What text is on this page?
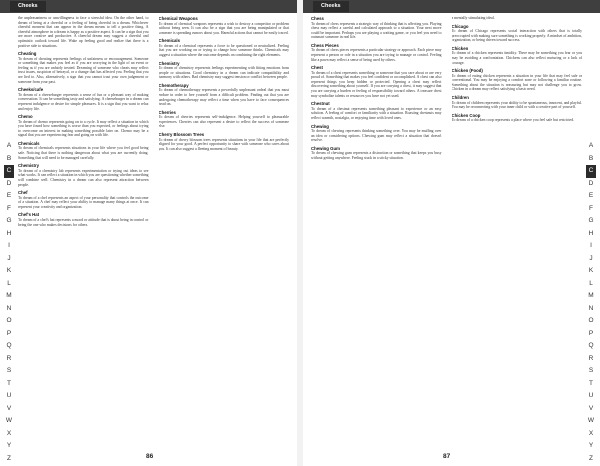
Cheeks

the unpleasantness or unwillingness to face a stressful idea. On the other hand, to dream of being at a cheerful or a feeling of being cheerful in a dream. Whichever cheerful moment that can appear in the dream means to tell a positive thing. A cheerful atmosphere in a dream is happy as a positive aspect. It can be a sign that you are more creative and productive. A cheerful dream may suggest a cheerful and optimistic outlook toward life. Wake up feeling good and realize that there is a positive side to situations.

Cheating

To dream of cheating represents feelings of unfairness or encouragement. Someone or something that makes you feel as if you are worrying in the light of an event or feeling as if you are unfairly treated. Dreaming of someone who cheats may reflect trust issues, suspicion of betrayal, or a change that has affected you. Feeling that you are lied to. Also, alternatively, a sign that you cannot trust your own judgement or someone from your past.

Cheeks/cafe

To dream of a cheeseburger represents a sense of fun or a pleasant way of making conversation. It can be something tasty and satisfying. A cheeseburger in a dream can represent indulgence or desire for simple pleasures. It is a sign that you want to relax and enjoy life.

Chemo

To dream of chemo represents going on to a cycle. It may reflect a situation in which you have found how something is worse than you expected, or feelings about trying to overcome an interest in making something possible later on. Chemo may be a signal that you are experiencing fear and going on with life.

Chemicals

To dream of chemicals represents situations in your life where you feel good being safe. Noticing that there is nothing dangerous about what you are currently doing. Something that will need to be managed carefully.

Chemistry

To dream of a chemistry lab represents experimentation or trying out ideas to see what works. It can reflect a situation in which you are questioning whether something will combine well. Chemistry in a dream can also represent attraction between people.

Chef

To dream of a chef represents an aspect of your personality that controls the outcome of a situation. A chef may reflect your ability to manage many things at once. It can represent your creativity and organization.

Chef's Hat

To dream of a chef's hat represents a mood or attitude that is about being in control or being the one who makes decisions for others.

Chemical Weapons

To dream of chemical weapons represents a wish to destroy a competitor or problem without being seen. It can also be a sign that you are being manipulated or that someone is spreading rumors about you. Harmful actions that cannot be easily traced.

Chemicals

To dream of a chemical represents a force to be questioned or neutralized. Feeling that you are working on or trying to change how someone thinks. Chemicals may suggest a situation where the outcome depends on combining the right elements.

Chemistry

To dream of chemistry represents feelings experimenting with fitting emotions from people or situations. Good chemistry in a dream can indicate compatibility and harmony with others. Bad chemistry may suggest tension or conflict between people.

Chemotherapy

To dream of chemotherapy represents a powerfully unpleasant ordeal that you must endure in order to free yourself from a difficult problem. Finding out that you are undergoing chemotherapy may reflect a time when you have to face consequences head on.

Cherries

To dream of cherries represents self-indulgence. Helping yourself to pleasurable experiences. Cherries can also represent a desire to reflect the success of someone else.

Cherry Blossom Trees

To dream of cherry blossom trees represents situations in your life that are perfectly aligned for your good. A perfect opportunity to share with someone who cares about you. It can also suggest a fleeting moment of beauty.

A
B
C
D
E
F
G
H
I
J
K
L
M
N
O
P
Q
R
S
T
U
V
W
X
Y
Z	86
Cheeks
Chess

To dream of chess represents a strategic way of thinking that is affecting you. Playing chess may reflect a careful and calculated approach to a situation. Your next move could be important. Perhaps you are playing a waiting game, or you feel you need to outsmart someone in real life.

Chess Pieces

To dream of chess pieces represents a particular strategy or approach. Each piece may represent a person or role in a situation you are trying to manage or control. Feeling like a pawn may reflect a sense of being used by others.

Chest

To dream of a chest represents something or someone that you care about or are very proud of. Something that makes you feel confident or accomplished. A chest can also represent things you keep hidden or protected. Opening a chest may reflect discovering something about yourself. If you are carrying a chest, it may suggest that you are carrying a burden or feeling of responsibility toward others. A treasure chest may symbolize talents or resources you have not yet used.

Chestnut

To dream of a chestnut represents something pleasant to experience or an easy solution. A feeling of comfort or familiarity with a situation. Roasting chestnuts may reflect warmth, nostalgia, or enjoying time with loved ones.

Chewing

To dream of chewing represents thinking something over. You may be mulling over an idea or considering options. Chewing gum may reflect a situation that doesn't resolve.

Chewing Gum

To dream of chewing gum represents a distraction or something that keeps you busy without getting anywhere. Feeling stuck in a sticky situation.

a mentally stimulating ideal.

Chicago

To dream of Chicago represents social interaction with others that is totally preoccupied with making sure something is working properly. A mindset of ambition, organization, or being driven toward success.

Chicken

To dream of a chicken represents timidity. There may be something you fear or you may be avoiding a confrontation. Chickens can also reflect nurturing or a lack of courage.

Chicken (Food)

To dream of eating chicken represents a situation in your life that may feel safe or conventional. You may be enjoying a comfort zone or following a familiar routine. Something about the situation is reassuring but may not challenge you to grow. Chicken in a dream may reflect satisfying a basic need.

Children

To dream of children represents your ability to be spontaneous, innocent, and playful. You may be reconnecting with your inner child or with a creative part of yourself.

Chicken Coop

To dream of a chicken coop represents a place where you feel safe but restricted.

A
B
C
D
E
F
G
H
I
J
K
L
M
N
O
P
Q
R
S
T
U
V
W
X
Y
Z
87
